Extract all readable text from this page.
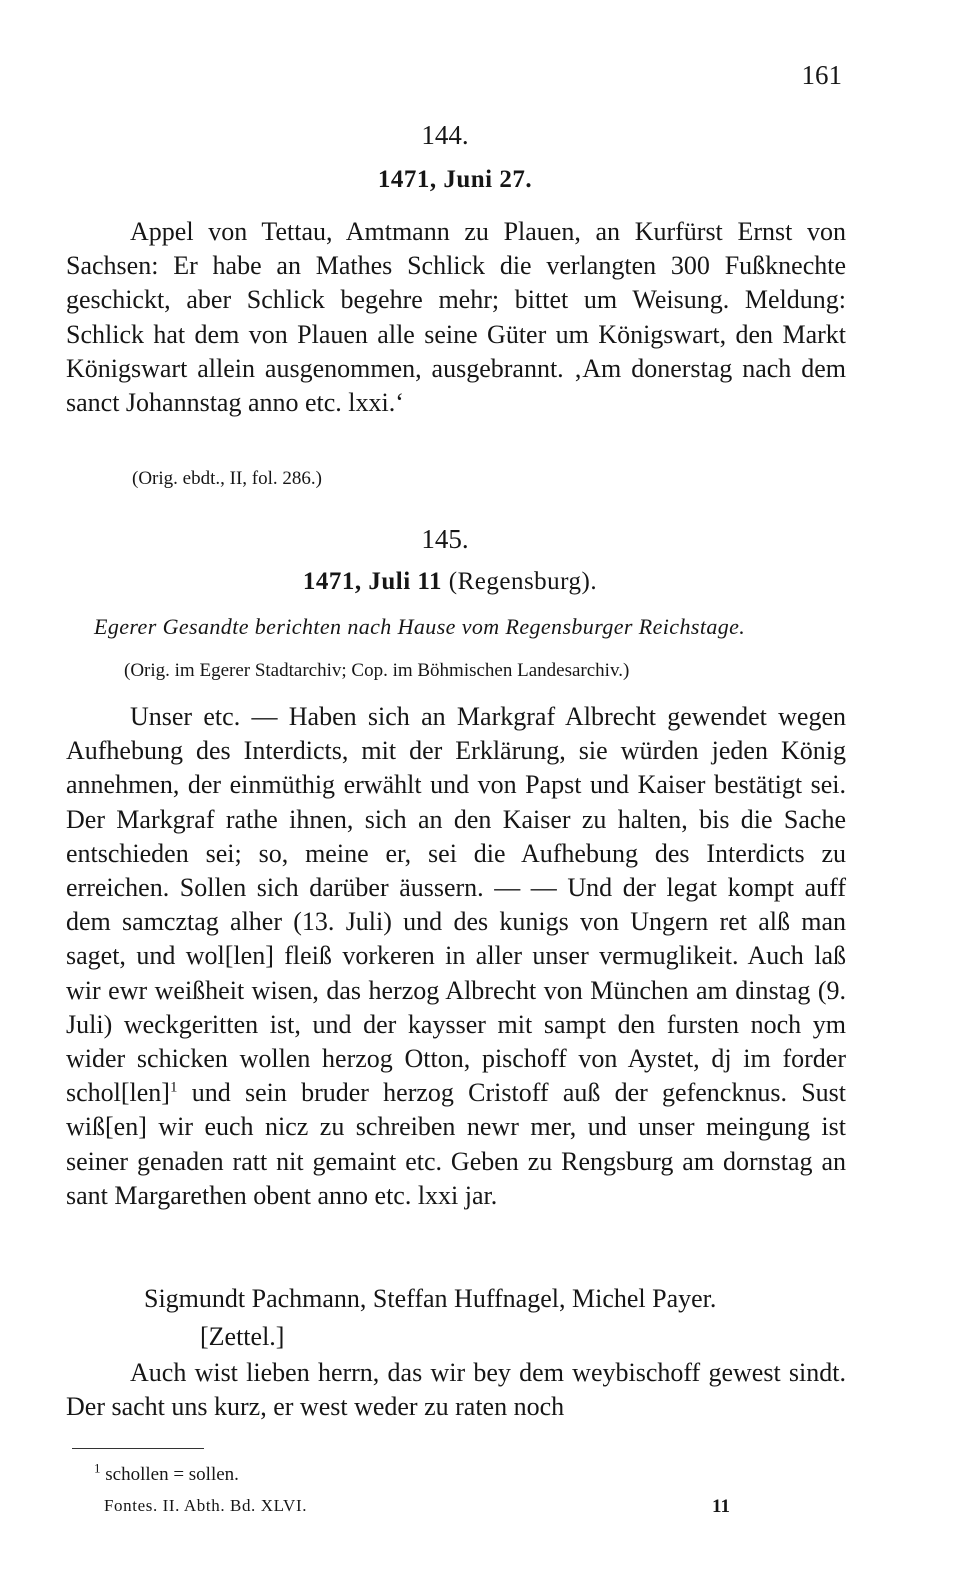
161
144.
1471, Juni 27.

Appel von Tettau, Amtmann zu Plauen, an Kurfürst Ernst von Sachsen: Er habe an Mathes Schlick die verlangten 300 Fußknechte geschickt, aber Schlick begehre mehr; bittet um Weisung. Meldung: Schlick hat dem von Plauen alle seine Güter um Königswart, den Markt Königswart allein ausgenommen, ausgebrannt. ‚Am donerstag nach dem sanct Johannstag anno etc. lxxi.‘

(Orig. ebdt., II, fol. 286.)
145.
1471, Juli 11 (Regensburg).
Egerer Gesandte berichten nach Hause vom Regensburger Reichstage.
(Orig. im Egerer Stadtarchiv; Cop. im Böhmischen Landesarchiv.)

Unser etc. — Haben sich an Markgraf Albrecht gewendet wegen Aufhebung des Interdicts, mit der Erklärung, sie würden jeden König annehmen, der einmüthig erwählt und von Papst und Kaiser bestätigt sei. Der Markgraf rathe ihnen, sich an den Kaiser zu halten, bis die Sache entschieden sei; so, meine er, sei die Aufhebung des Interdicts zu erreichen. Sollen sich darüber äussern. — — Und der legat kompt auff dem samcztag alher (13. Juli) und des kunigs von Ungern ret alß man saget, und wol[len] fleiß vorkeren in aller unser vermuglikeit. Auch laß wir ewr weißheit wisen, das herzog Albrecht von München am dinstag (9. Juli) weckgeritten ist, und der kaysser mit sampt den fursten noch ym wider schicken wollen herzog Otton, pischoff von Aystet, dj im forder schol[len]$^1$ und sein bruder herzog Cristoff auß der gefencknus. Sust wiß[en] wir euch nicz zu schreiben newr mer, und unser meingung ist seiner genaden ratt nit gemaint etc. Geben zu Rengsburg am dornstag an sant Margarethen obent anno etc. lxxi jar.

Sigmundt Pachmann, Steffan Huffnagel, Michel Payer.
[Zettel.]

Auch wist lieben herrn, das wir bey dem weybischoff gewest sindt. Der sacht uns kurz, er west weder zu raten noch

$^1$ schollen = sollen.
Fontes. II. Abth. Bd. XLVI.	11
